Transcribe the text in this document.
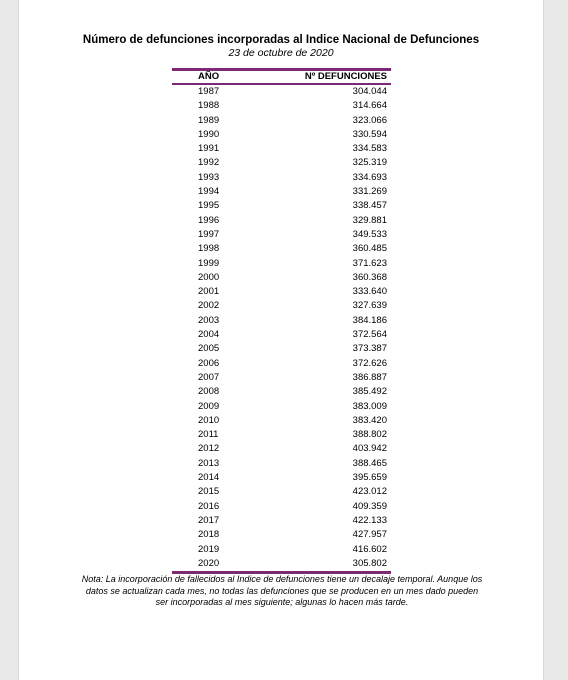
Número de defunciones incorporadas al Indice Nacional de Defunciones
23 de octubre de 2020
AÑO	Nº DEFUNCIONES
1987	304.044
1988	314.664
1989	323.066
1990	330.594
1991	334.583
1992	325.319
1993	334.693
1994	331.269
1995	338.457
1996	329.881
1997	349.533
1998	360.485
1999	371.623
2000	360.368
2001	333.640
2002	327.639
2003	384.186
2004	372.564
2005	373.387
2006	372.626
2007	386.887
2008	385.492
2009	383.009
2010	383.420
2011	388.802
2012	403.942
2013	388.465
2014	395.659
2015	423.012
2016	409.359
2017	422.133
2018	427.957
2019	416.602
2020	305.802
Nota: La incorporación de fallecidos al Indice de defunciones tiene un decalaje temporal. Aunque los datos se actualizan cada mes, no todas las defunciones que se producen en un mes dado pueden ser incorporadas al mes siguiente; algunas lo hacen más tarde.
